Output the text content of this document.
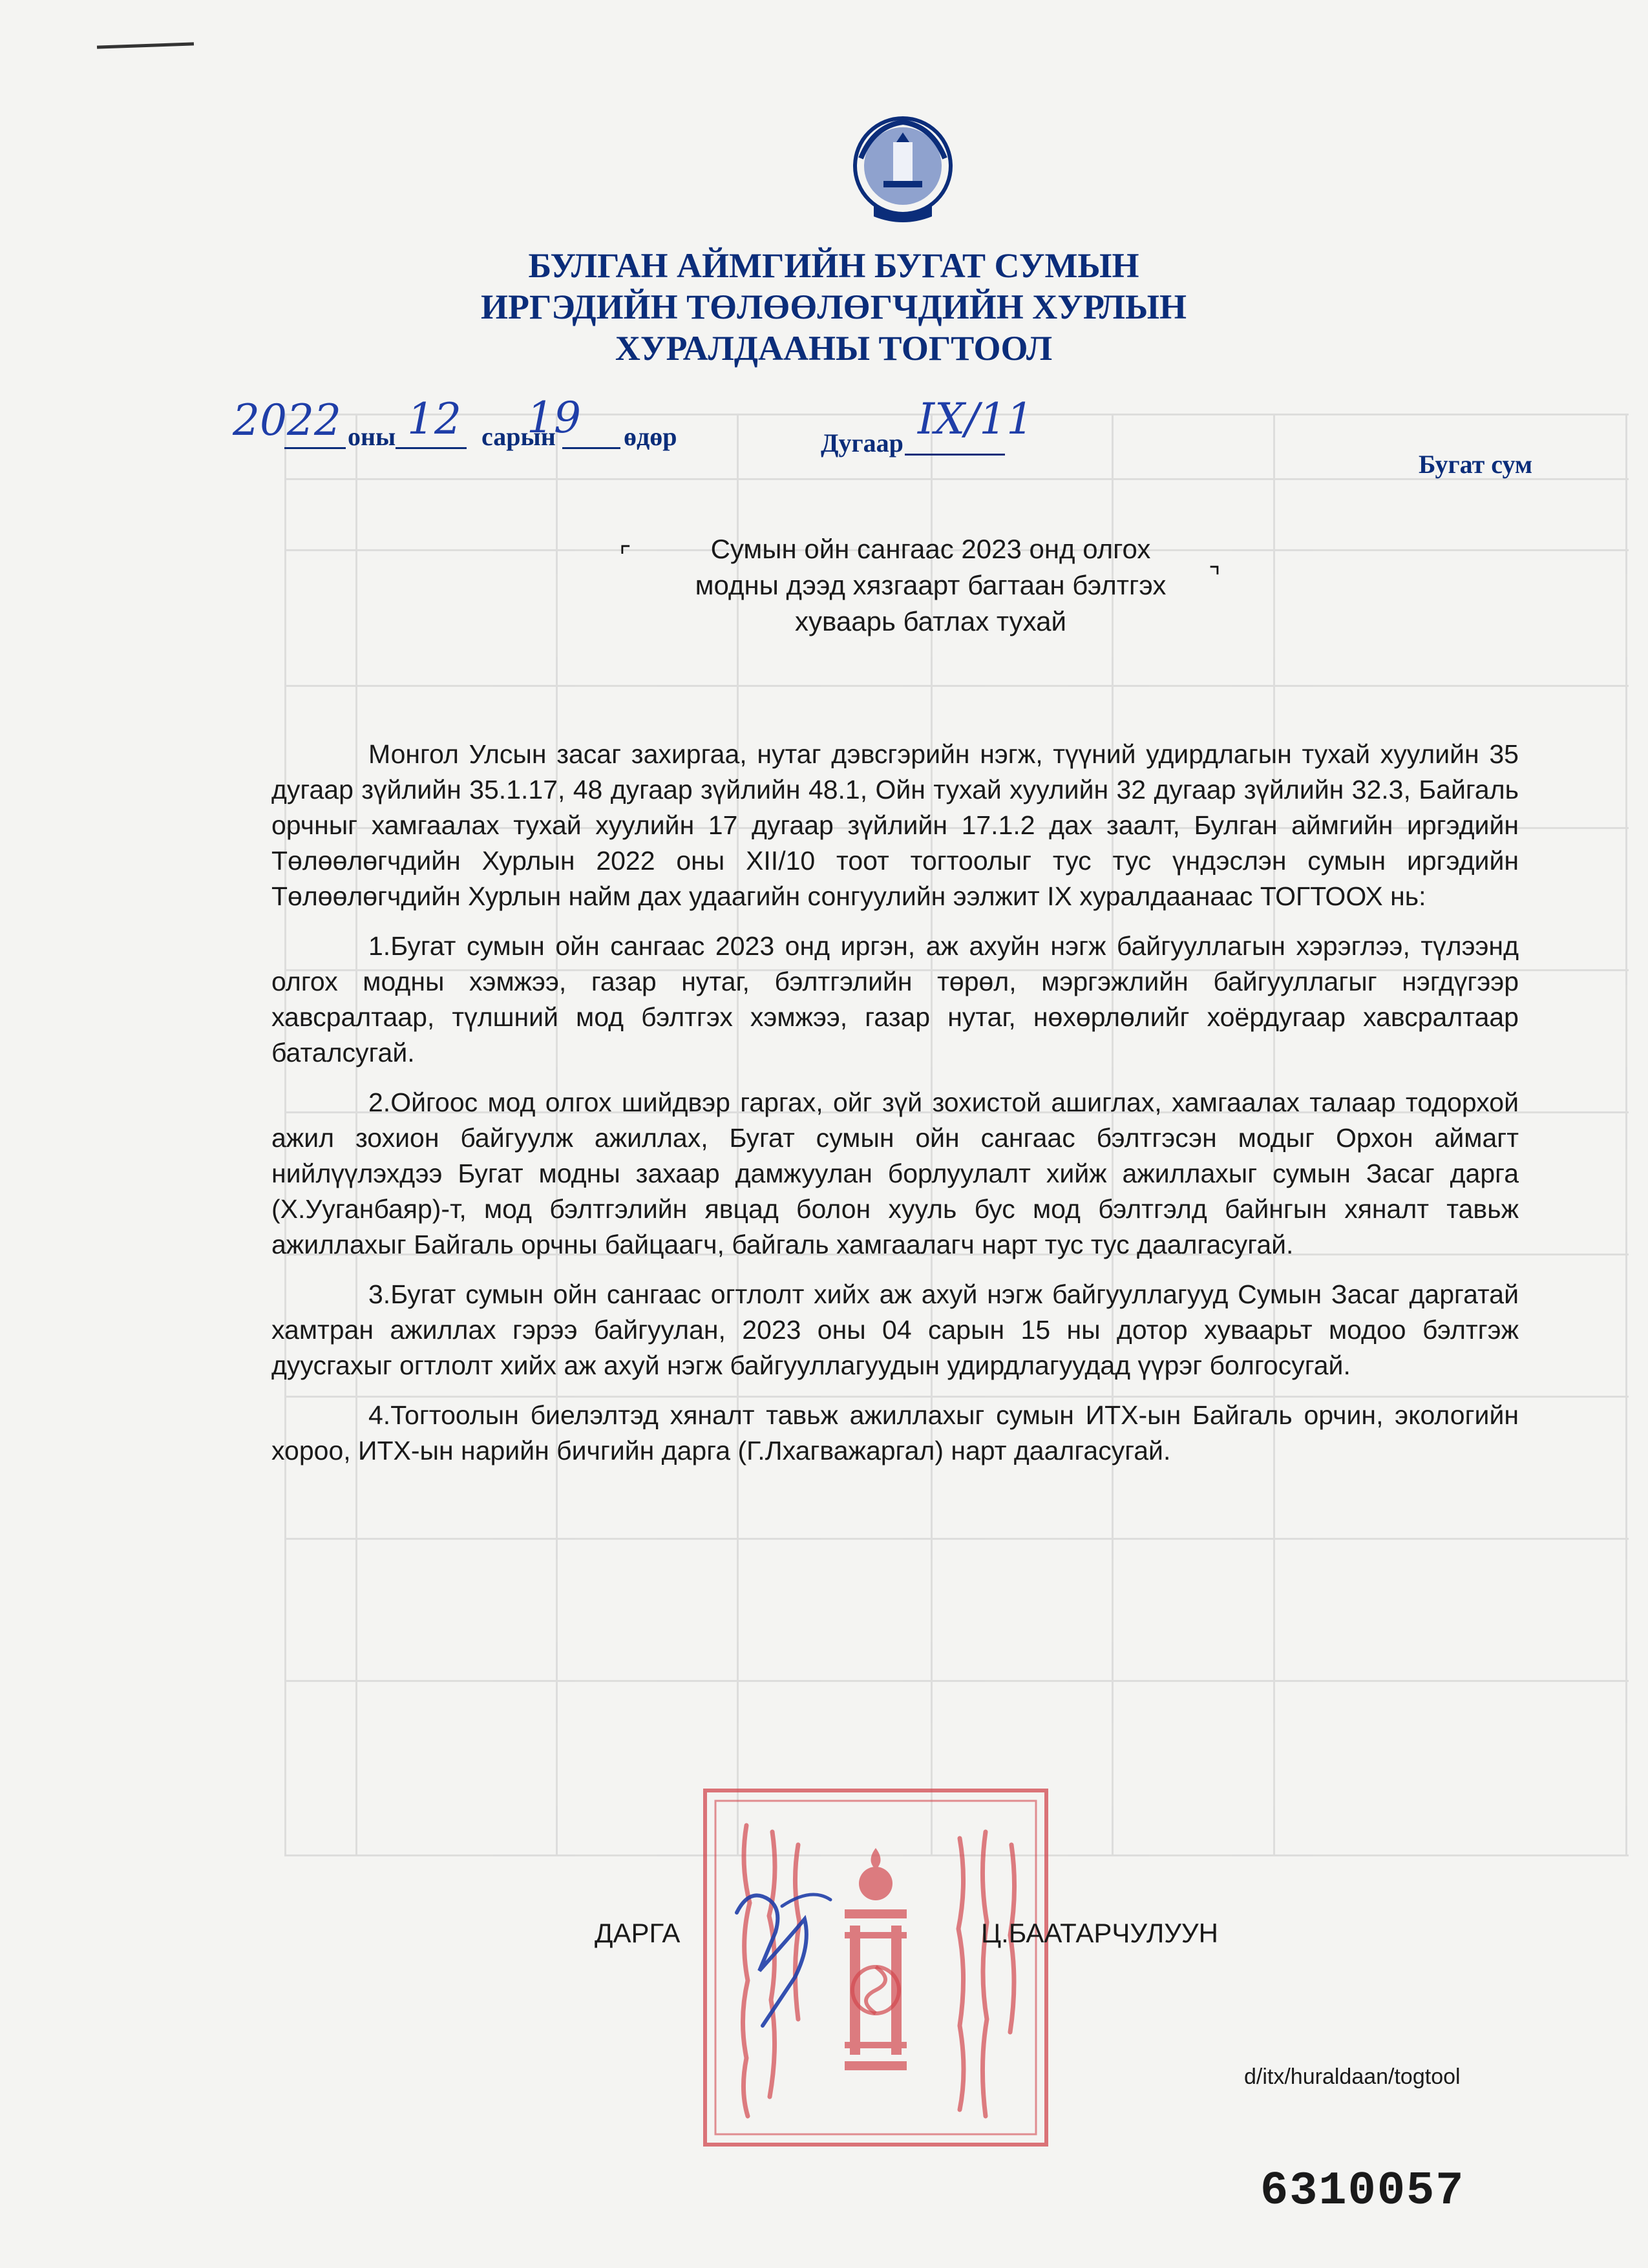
БУЛГАН АЙМГИЙН БУГАТ СУМЫН
ИРГЭДИЙН ТӨЛӨӨЛӨГЧДИЙН ХУРЛЫН
ХУРАЛДААНЫ ТОГТООЛ
2022 оны 12 сарын
19 өдөр	Дугаар IX/11
Бугат сум
⌜
⌝
Сумын ойн сангаас 2023 онд олгох
модны дээд хязгаарт багтаан бэлтгэх
хуваарь батлах тухай

Монгол Улсын засаг захиргаа, нутаг дэвсгэрийн нэгж, түүний удирдлагын тухай хуулийн 35 дугаар зүйлийн 35.1.17, 48 дугаар зүйлийн 48.1, Ойн тухай хуулийн 32 дугаар зүйлийн 32.3, Байгаль орчныг хамгаалах тухай хуулийн 17 дугаар зүйлийн 17.1.2 дах заалт, Булган аймгийн иргэдийн Төлөөлөгчдийн Хурлын 2022 оны XII/10 тоот тогтоолыг тус тус үндэслэн сумын иргэдийн Төлөөлөгчдийн Хурлын найм дах удаагийн сонгуулийн ээлжит IX хуралдаанаас ТОГТООХ нь:

1.Бугат сумын ойн сангаас 2023 онд иргэн, аж ахуйн нэгж байгууллагын хэрэглээ, түлээнд олгох модны хэмжээ, газар нутаг, бэлтгэлийн төрөл, мэргэжлийн байгууллагыг нэгдүгээр хавсралтаар, түлшний мод бэлтгэх хэмжээ, газар нутаг, нөхөрлөлийг хоёрдугаар хавсралтаар баталсугай.

2.Ойгоос мод олгох шийдвэр гаргах, ойг зүй зохистой ашиглах, хамгаалах талаар тодорхой ажил зохион байгуулж ажиллах, Бугат сумын ойн сангаас бэлтгэсэн модыг Орхон аймагт нийлүүлэхдээ Бугат модны захаар дамжуулан борлуулалт хийж ажиллахыг сумын Засаг дарга (Х.Ууганбаяр)-т, мод бэлтгэлийн явцад болон хууль бус мод бэлтгэлд байнгын хяналт тавьж ажиллахыг Байгаль орчны байцаагч, байгаль хамгаалагч нарт тус тус даалгасугай.

3.Бугат сумын ойн сангаас огтлолт хийх аж ахуй нэгж байгууллагууд Сумын Засаг даргатай хамтран ажиллах гэрээ байгуулан, 2023 оны 04 сарын 15 ны дотор хуваарьт модоо бэлтгэж дуусгахыг огтлолт хийх аж ахуй нэгж байгууллагуудын удирдлагуудад үүрэг болгосугай.

4.Тогтоолын биелэлтэд хяналт тавьж ажиллахыг сумын ИТХ-ын Байгаль орчин, экологийн хороо, ИТХ-ын нарийн бичгийн дарга (Г.Лхагважаргал) нарт даалгасугай.

ДАРГА	Ц.БААТАРЧУЛУУН
d/itx/huraldaan/togtool
6310057
